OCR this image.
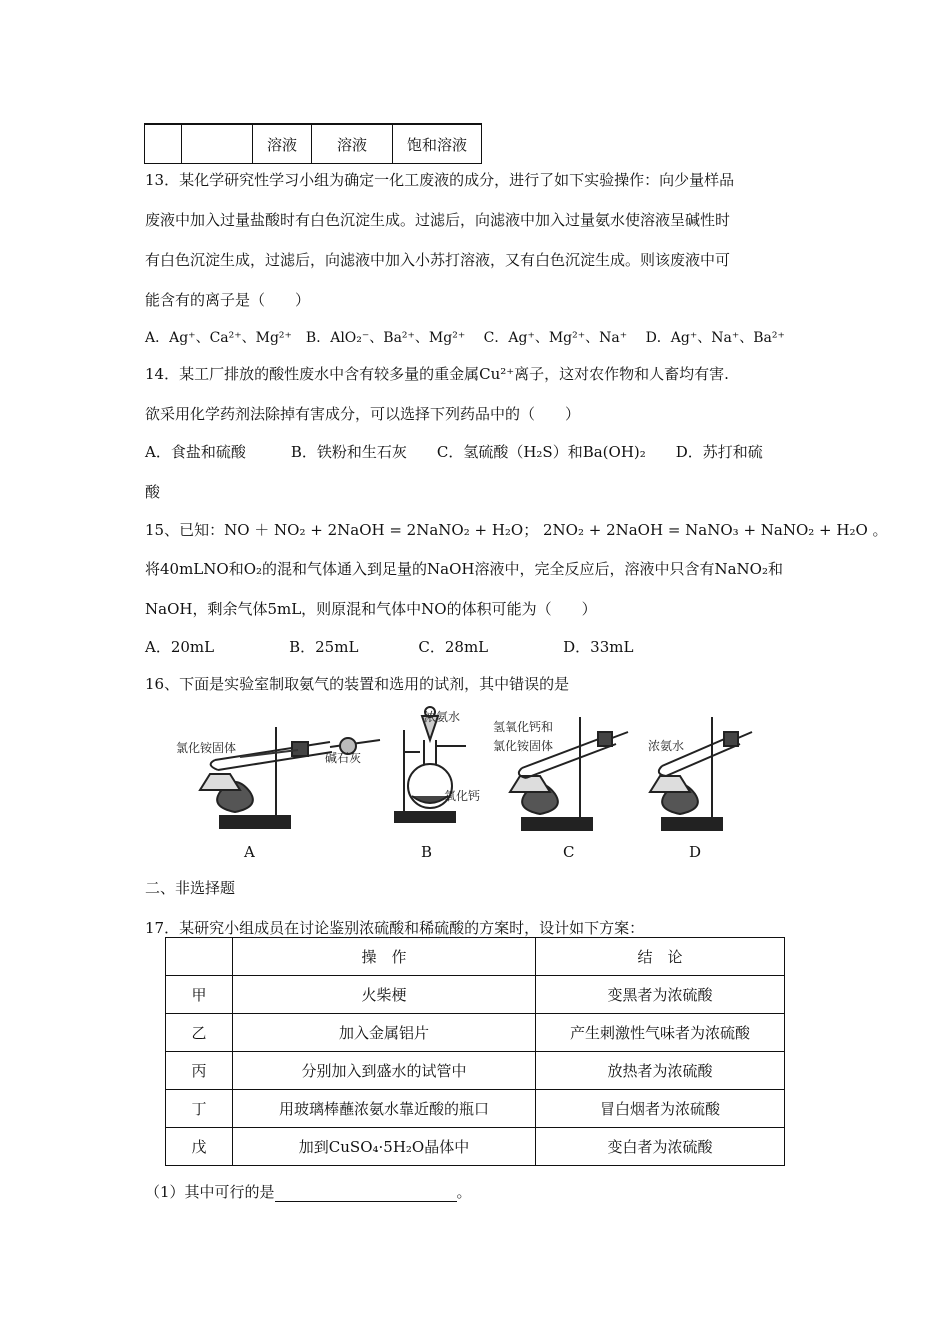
		溶液	溶液	饱和溶液
13．某化学研究性学习小组为确定一化工废液的成分，进行了如下实验操作：向少量样品
废液中加入过量盐酸时有白色沉淀生成。过滤后，向滤液中加入过量氨水使溶液呈碱性时
有白色沉淀生成，过滤后，向滤液中加入小苏打溶液，又有白色沉淀生成。则该废液中可
能含有的离子是（　　）
A．Ag⁺、Ca²⁺、Mg²⁺　B．AlO₂⁻、Ba²⁺、Mg²⁺　 C．Ag⁺、Mg²⁺、Na⁺　 D．Ag⁺、Na⁺、Ba²⁺
14．某工厂排放的酸性废水中含有较多量的重金属Cu²⁺离子，这对农作物和人畜均有害.
欲采用化学药剂法除掉有害成分，可以选择下列药品中的（　　）
A．食盐和硫酸　　　B．铁粉和生石灰　　C．氢硫酸（H₂S）和Ba(OH)₂　　D．苏打和硫
酸
15、已知：NO ＋ NO₂ + 2NaOH = 2NaNO₂ + H₂O； 2NO₂ + 2NaOH = NaNO₃ + NaNO₂ + H₂O 。
将40mLNO和O₂的混和气体通入到足量的NaOH溶液中，完全反应后，溶液中只含有NaNO₂和
NaOH，剩余气体5mL，则原混和气体中NO的体积可能为（　　）
A．20mL　　　　　B．25mL　　　　C．28mL　　　　　D．33mL
16、下面是实验室制取氨气的装置和选用的试剂，其中错误的是
氯化铵固体
碱石灰
浓氨水
氧化钙
氢氧化钙和
氯化铵固体	浓氨水
A	B	C	D
二、非选择题
17．某研究小组成员在讨论鉴别浓硫酸和稀硫酸的方案时，设计如下方案：
	操　作	结　论
甲	火柴梗	变黑者为浓硫酸
乙	加入金属铝片	产生刺激性气味者为浓硫酸
丙	分别加入到盛水的试管中	放热者为浓硫酸
丁	用玻璃棒蘸浓氨水靠近酸的瓶口	冒白烟者为浓硫酸
戊	加到CuSO₄·5H₂O晶体中	变白者为浓硫酸
（1）其中可行的是	。
